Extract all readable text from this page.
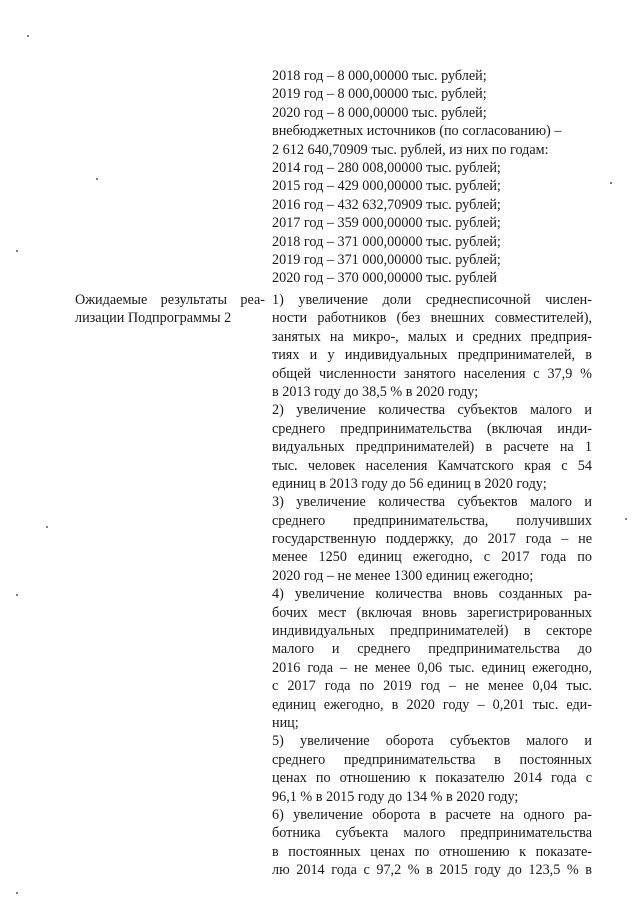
2018 год – 8 000,00000 тыс. рублей;
2019 год – 8 000,00000 тыс. рублей;
2020 год – 8 000,00000 тыс. рублей;
внебюджетных источников (по согласованию) –
2 612 640,70909 тыс. рублей, из них по годам:
2014 год – 280 008,00000 тыс. рублей;
2015 год – 429 000,00000 тыс. рублей;
2016 год – 432 632,70909 тыс. рублей;
2017 год – 359 000,00000 тыс. рублей;
2018 год – 371 000,00000 тыс. рублей;
2019 год – 371 000,00000 тыс. рублей;
2020 год – 370 000,00000 тыс. рублей
Ожидаемые результаты реа-
лизации Подпрограммы 2
1) увеличение доли среднесписочной числен-
ности работников (без внешних совместителей),
занятых на микро-, малых и средних предприя-
тиях и у индивидуальных предпринимателей, в
общей численности занятого населения с 37,9 %
в 2013 году до 38,5 % в 2020 году;
2) увеличение количества субъектов малого и
среднего предпринимательства (включая инди-
видуальных предпринимателей) в расчете на 1
тыс. человек населения Камчатского края с 54
единиц в 2013 году до 56 единиц в 2020 году;
3) увеличение количества субъектов малого и
среднего предпринимательства, получивших
государственную поддержку, до 2017 года – не
менее 1250 единиц ежегодно, с 2017 года по
2020 год – не менее 1300 единиц ежегодно;
4) увеличение количества вновь созданных ра-
бочих мест (включая вновь зарегистрированных
индивидуальных предпринимателей) в секторе
малого и среднего предпринимательства до
2016 года – не менее 0,06 тыс. единиц ежегодно,
с 2017 года по 2019 год – не менее 0,04 тыс.
единиц ежегодно, в 2020 году – 0,201 тыс. еди-
ниц;
5) увеличение оборота субъектов малого и
среднего предпринимательства в постоянных
ценах по отношению к показателю 2014 года с
96,1 % в 2015 году до 134 % в 2020 году;
6) увеличение оборота в расчете на одного ра-
ботника субъекта малого предпринимательства
в постоянных ценах по отношению к показате-
лю 2014 года с 97,2 % в 2015 году до 123,5 % в
